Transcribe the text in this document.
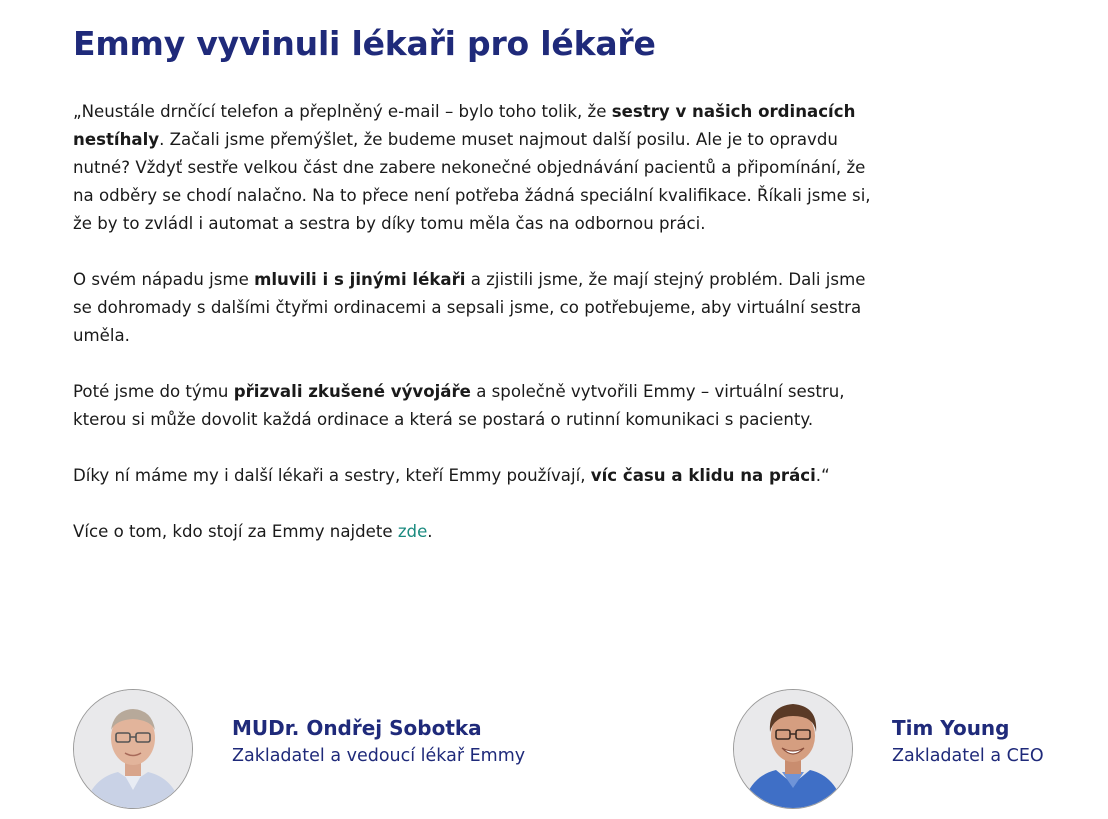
Emmy vyvinuli lékaři pro lékaře

„Neustále drnčící telefon a přeplněný e-mail – bylo toho tolik, že sestry v našich ordinacích nestíhaly. Začali jsme přemýšlet, že budeme muset najmout další posilu. Ale je to opravdu nutné? Vždyť sestře velkou část dne zabere nekonečné objednávání pacientů a připomínání, že na odběry se chodí nalačno. Na to přece není potřeba žádná speciální kvalifikace. Říkali jsme si, že by to zvládl i automat a sestra by díky tomu měla čas na odbornou práci.

O svém nápadu jsme mluvili i s jinými lékaři a zjistili jsme, že mají stejný problém. Dali jsme se dohromady s dalšími čtyřmi ordinacemi a sepsali jsme, co potřebujeme, aby virtuální sestra uměla.

Poté jsme do týmu přizvali zkušené vývojáře a společně vytvořili Emmy – virtuální sestru, kterou si může dovolit každá ordinace a která se postará o rutinní komunikaci s pacienty.

Díky ní máme my i další lékaři a sestry, kteří Emmy používají, víc času a klidu na práci.“

Více o tom, kdo stojí za Emmy najdete zde.

MUDr. Ondřej Sobotka
Zakladatel a vedoucí lékař Emmy
Tim Young
Zakladatel a CEO
